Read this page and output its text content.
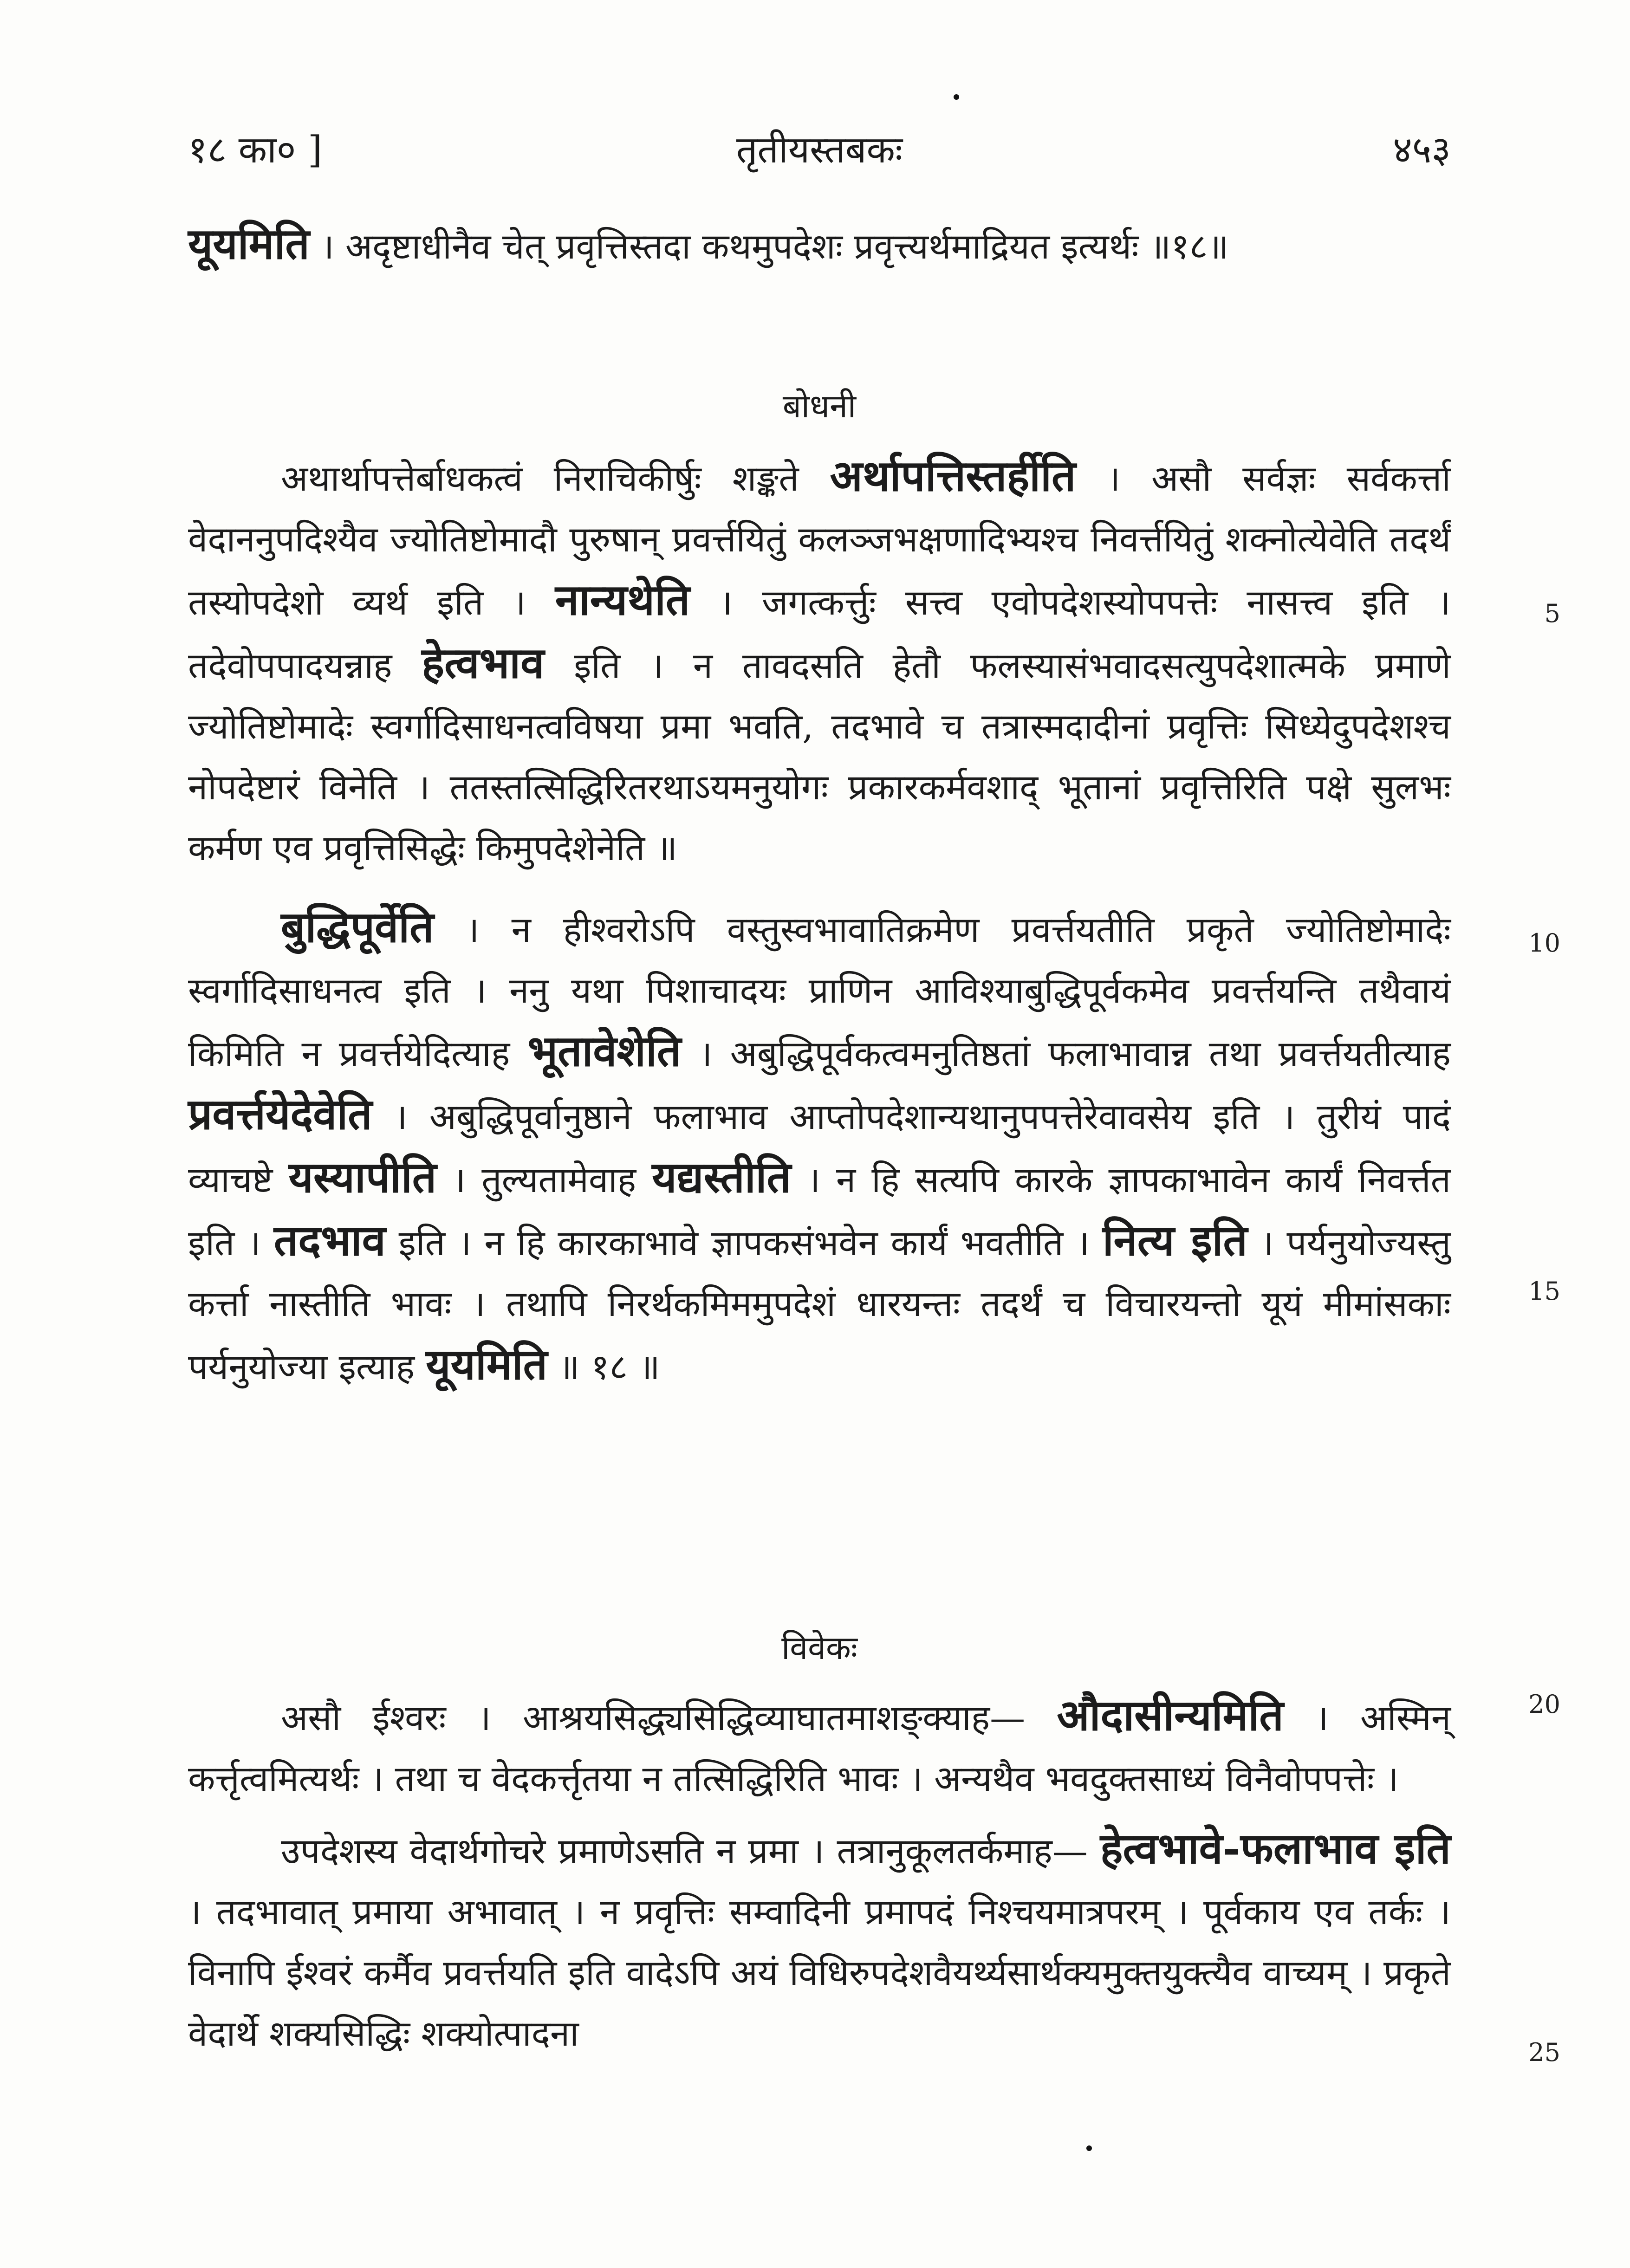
१८ का० ]	तृतीयस्तबकः	४५३

यूयमिति । अदृष्टाधीनैव चेत् प्रवृत्तिस्तदा कथमुपदेशः प्रवृत्त्यर्थमाद्रियत इत्यर्थः ॥१८॥

बोधनी

अथार्थापत्तेर्बाधकत्वं निराचिकीर्षुः शङ्कते अर्थापत्तिस्तर्हीति । असौ सर्वज्ञः सर्वकर्त्ता वेदाननुपदिश्यैव ज्योतिष्टोमादौ पुरुषान् प्रवर्त्तयितुं कलञ्जभक्षणादिभ्यश्च निवर्त्तयितुं शक्नोत्येवेति तदर्थं तस्योपदेशो व्यर्थ इति । नान्यथेति । जगत्कर्त्तुः सत्त्व एवोपदेशस्योपपत्तेः नासत्त्व इति । तदेवोपपादयन्नाह हेत्वभाव इति । न तावदसति हेतौ फलस्यासंभवादसत्युपदेशात्मके प्रमाणे ज्योतिष्टोमादेः स्वर्गादिसाधनत्वविषया प्रमा भवति, तदभावे च तत्रास्मदादीनां प्रवृत्तिः सिध्येदुपदेशश्च नोपदेष्टारं विनेति । ततस्तत्सिद्धिरितरथाऽयमनुयोगः प्रकारकर्मवशाद् भूतानां प्रवृत्तिरिति पक्षे सुलभः कर्मण एव प्रवृत्तिसिद्धेः किमुपदेशेनेति ॥

बुद्धिपूर्वेति । न हीश्वरोऽपि वस्तुस्वभावातिक्रमेण प्रवर्त्तयतीति प्रकृते ज्योतिष्टोमादेः स्वर्गादिसाधनत्व इति । ननु यथा पिशाचादयः प्राणिन आविश्याबुद्धिपूर्वकमेव प्रवर्त्तयन्ति तथैवायं किमिति न प्रवर्त्तयेदित्याह भूतावेशेति । अबुद्धिपूर्वकत्वमनुतिष्ठतां फलाभावान्न तथा प्रवर्त्तयतीत्याह प्रवर्त्तयेदेवेति । अबुद्धिपूर्वानुष्ठाने फलाभाव आप्तोपदेशान्यथानुपपत्तेरेवावसेय इति । तुरीयं पादं व्याचष्टे यस्यापीति । तुल्यतामेवाह यद्यस्तीति । न हि सत्यपि कारके ज्ञापकाभावेन कार्यं निवर्त्तत इति । तदभाव इति । न हि कारकाभावे ज्ञापकसंभवेन कार्यं भवतीति । नित्य इति । पर्यनुयोज्यस्तु कर्त्ता नास्तीति भावः । तथापि निरर्थकमिममुपदेशं धारयन्तः तदर्थं च विचारयन्तो यूयं मीमांसकाः पर्यनुयोज्या इत्याह यूयमिति ॥ १८ ॥

विवेकः

असौ ईश्वरः । आश्रयसिद्ध्यसिद्धिव्याघातमाशङ्क्याह— औदासीन्यमिति । अस्मिन् कर्त्तृत्वमित्यर्थः । तथा च वेदकर्त्तृतया न तत्सिद्धिरिति भावः । अन्यथैव भवदुक्तसाध्यं विनैवोपपत्तेः ।

उपदेशस्य वेदार्थगोचरे प्रमाणेऽसति न प्रमा । तत्रानुकूलतर्कमाह— हेत्वभावे-फलाभाव इति । तदभावात् प्रमाया अभावात् । न प्रवृत्तिः सम्वादिनी प्रमापदं निश्चयमात्रपरम् । पूर्वकाय एव तर्कः । विनापि ईश्वरं कर्मैव प्रवर्त्तयति इति वादेऽपि अयं विधिरुपदेशवैयर्थ्यसार्थक्यमुक्तयुक्त्यैव वाच्यम् । प्रकृते वेदार्थे शक्यसिद्धिः शक्योत्पादना

5
10
15
20
25
